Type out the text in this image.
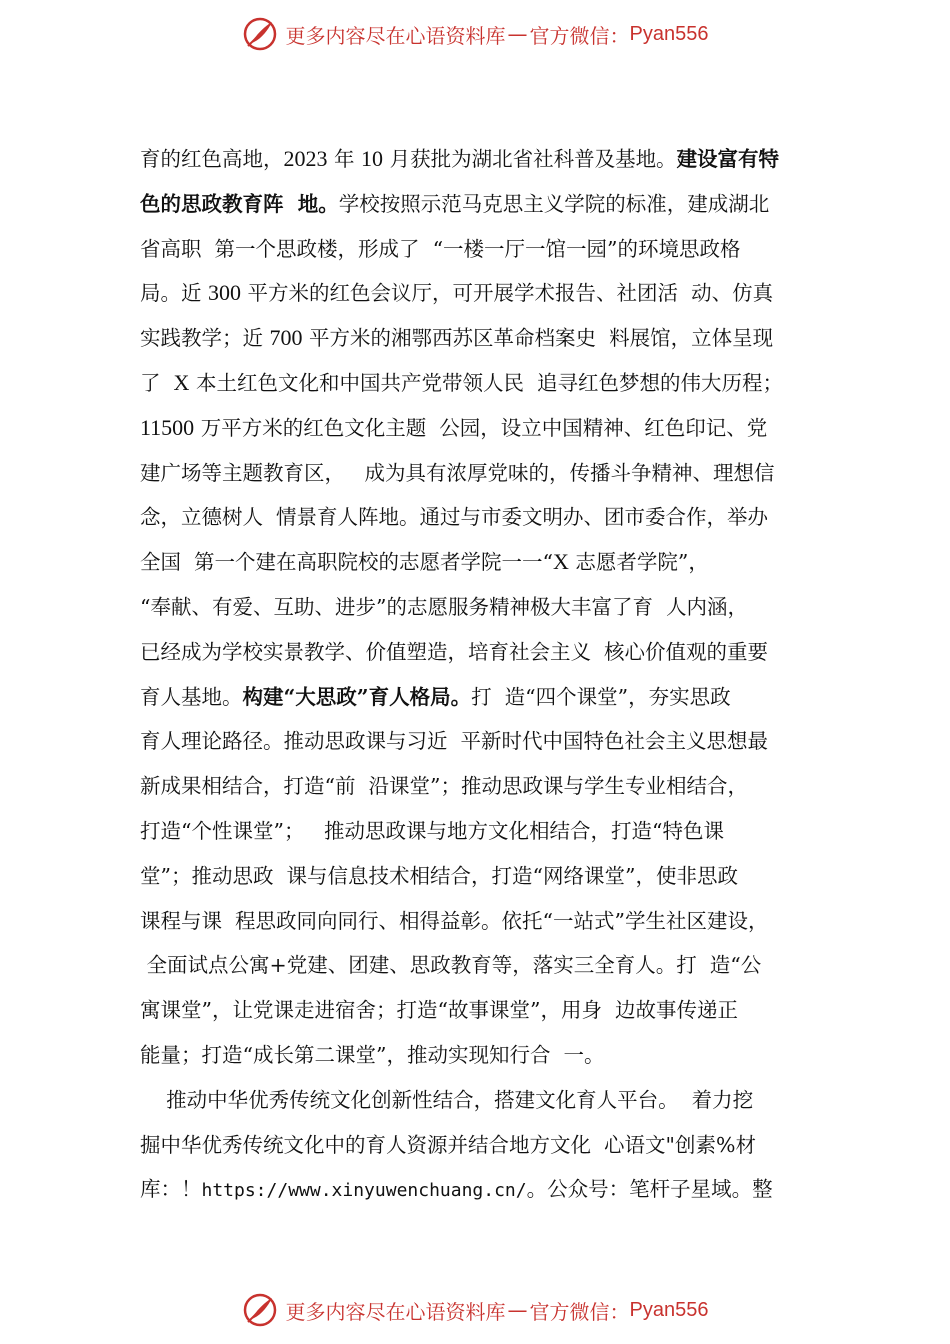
更多内容尽在心语资料库 — 官方微信： Pyan556
育的红色高地，2023 年 10 月获批为湖北省社科普及基地。建设富有特
色的思政教育阵  地。学校按照示范马克思主义学院的标准，建成湖北
省高职  第一个思政楼，形成了  “一楼一厅一馆一园”的环境思政格
局。近 300 平方米的红色会议厅，可开展学术报告、社团活  动、仿真
实践教学；近 700 平方米的湘鄂西苏区革命档案史  料展馆，立体呈现
了  X 本土红色文化和中国共产党带领人民  追寻红色梦想的伟大历程；
11500 万平方米的红色文化主题  公园，设立中国精神、红色印记、党
建广场等主题教育区，   成为具有浓厚党味的，传播斗争精神、理想信
念，立德树人  情景育人阵地。通过与市委文明办、团市委合作，举办
全国  第一个建在高职院校的志愿者学院一一“X 志愿者学院”，
“奉献、有爱、互助、进步”的志愿服务精神极大丰富了育  人内涵，
已经成为学校实景教学、价值塑造，培育社会主义  核心价值观的重要
育人基地。构建“大思政”育人格局。打  造“四个课堂”，夯实思政
育人理论路径。推动思政课与习近  平新时代中国特色社会主义思想最
新成果相结合，打造“前  沿课堂”；推动思政课与学生专业相结合，
打造“个性课堂”；   推动思政课与地方文化相结合，打造“特色课
堂”；推动思政  课与信息技术相结合，打造“网络课堂”，使非思政
课程与课  程思政同向同行、相得益彰。依托“一站式”学生社区建设，
全面试点公寓+党建、团建、思政教育等，落实三全育人。打  造“公
寓课堂”，让党课走进宿舍；打造“故事课堂”，用身  边故事传递正
能量；打造“成长第二课堂”，推动实现知行合  一。
推动中华优秀传统文化创新性结合，搭建文化育人平台。  着力挖
掘中华优秀传统文化中的育人资源并结合地方文化  心语文"创素%材
库：！https://www.xinyuwenchuang.cn/。公众号：笔杆子星域。整
更多内容尽在心语资料库 — 官方微信： Pyan556
